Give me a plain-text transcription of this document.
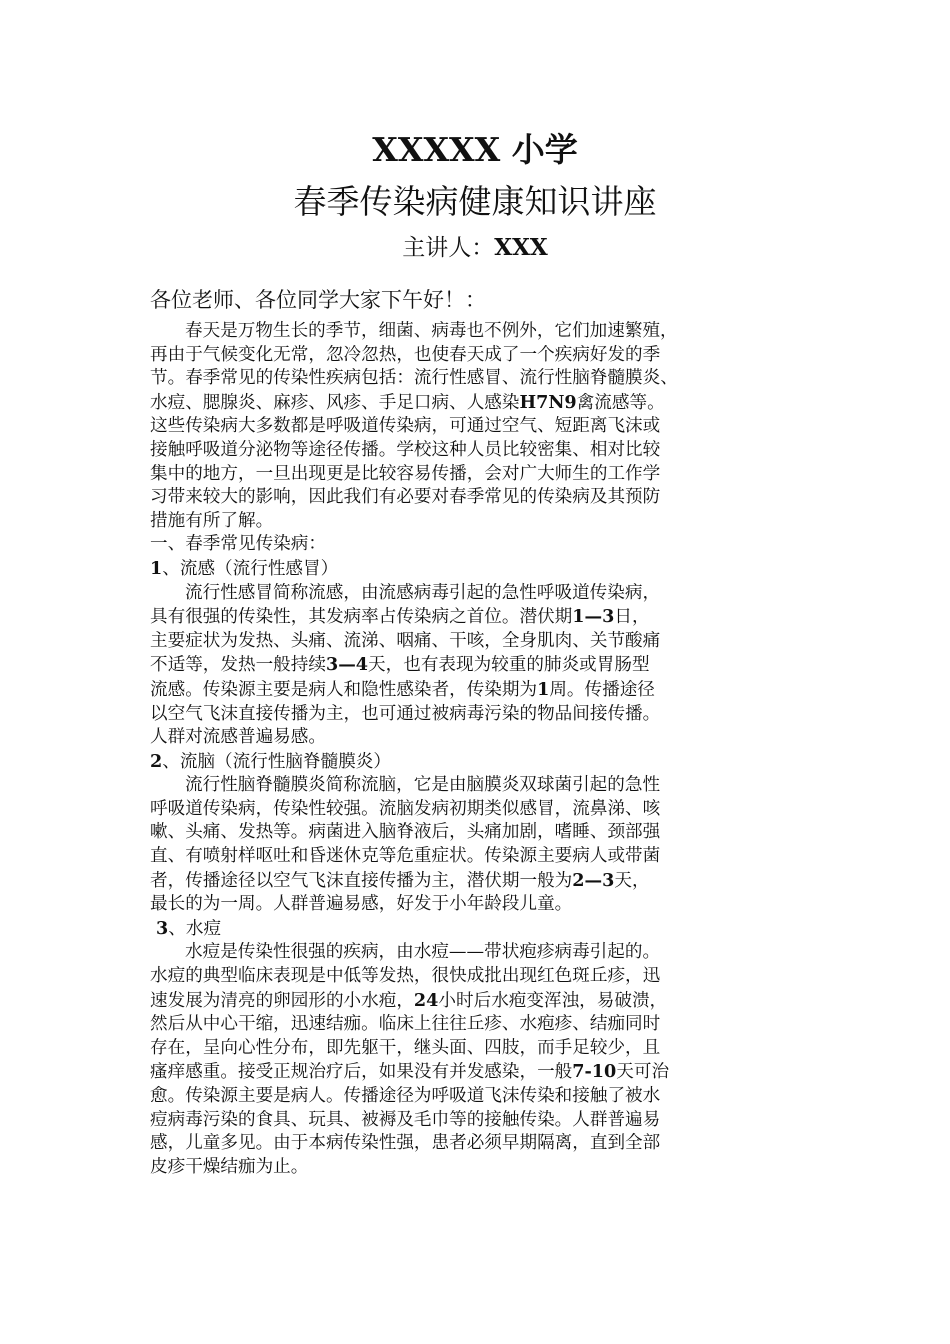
XXXXX 小学
春季传染病健康知识讲座
主讲人：XXX
各位老师、各位同学大家下午好！：
春天是万物生长的季节，细菌、病毒也不例外，它们加速繁殖，
再由于气候变化无常，忽冷忽热，也使春天成了一个疾病好发的季
节。春季常见的传染性疾病包括：流行性感冒、流行性脑脊髓膜炎、
水痘、腮腺炎、麻疹、风疹、手足口病、人感染H7N9禽流感等。
这些传染病大多数都是呼吸道传染病，可通过空气、短距离飞沫或
接触呼吸道分泌物等途径传播。学校这种人员比较密集、相对比较
集中的地方，一旦出现更是比较容易传播，会对广大师生的工作学
习带来较大的影响，因此我们有必要对春季常见的传染病及其预防
措施有所了解。
一、春季常见传染病：
1、流感（流行性感冒）
流行性感冒简称流感，由流感病毒引起的急性呼吸道传染病，
具有很强的传染性，其发病率占传染病之首位。潜伏期1—3日，
主要症状为发热、头痛、流涕、咽痛、干咳，全身肌肉、关节酸痛
不适等，发热一般持续3—4天，也有表现为较重的肺炎或胃肠型
流感。传染源主要是病人和隐性感染者，传染期为1周。传播途径
以空气飞沫直接传播为主，也可通过被病毒污染的物品间接传播。
人群对流感普遍易感。
2、流脑（流行性脑脊髓膜炎）
流行性脑脊髓膜炎简称流脑，它是由脑膜炎双球菌引起的急性
呼吸道传染病，传染性较强。流脑发病初期类似感冒，流鼻涕、咳
嗽、头痛、发热等。病菌进入脑脊液后，头痛加剧，嗜睡、颈部强
直、有喷射样呕吐和昏迷休克等危重症状。传染源主要病人或带菌
者，传播途径以空气飞沫直接传播为主，潜伏期一般为2—3天，
最长的为一周。人群普遍易感，好发于小年龄段儿童。
3、水痘
水痘是传染性很强的疾病，由水痘——带状疱疹病毒引起的。
水痘的典型临床表现是中低等发热，很快成批出现红色斑丘疹，迅
速发展为清亮的卵园形的小水疱，24小时后水疱变浑浊，易破溃，
然后从中心干缩，迅速结痂。临床上往往丘疹、水疱疹、结痂同时
存在，呈向心性分布，即先躯干，继头面、四肢，而手足较少，且
瘙痒感重。接受正规治疗后，如果没有并发感染，一般7-10天可治
愈。传染源主要是病人。传播途径为呼吸道飞沫传染和接触了被水
痘病毒污染的食具、玩具、被褥及毛巾等的接触传染。人群普遍易
感，儿童多见。由于本病传染性强，患者必须早期隔离，直到全部
皮疹干燥结痂为止。
